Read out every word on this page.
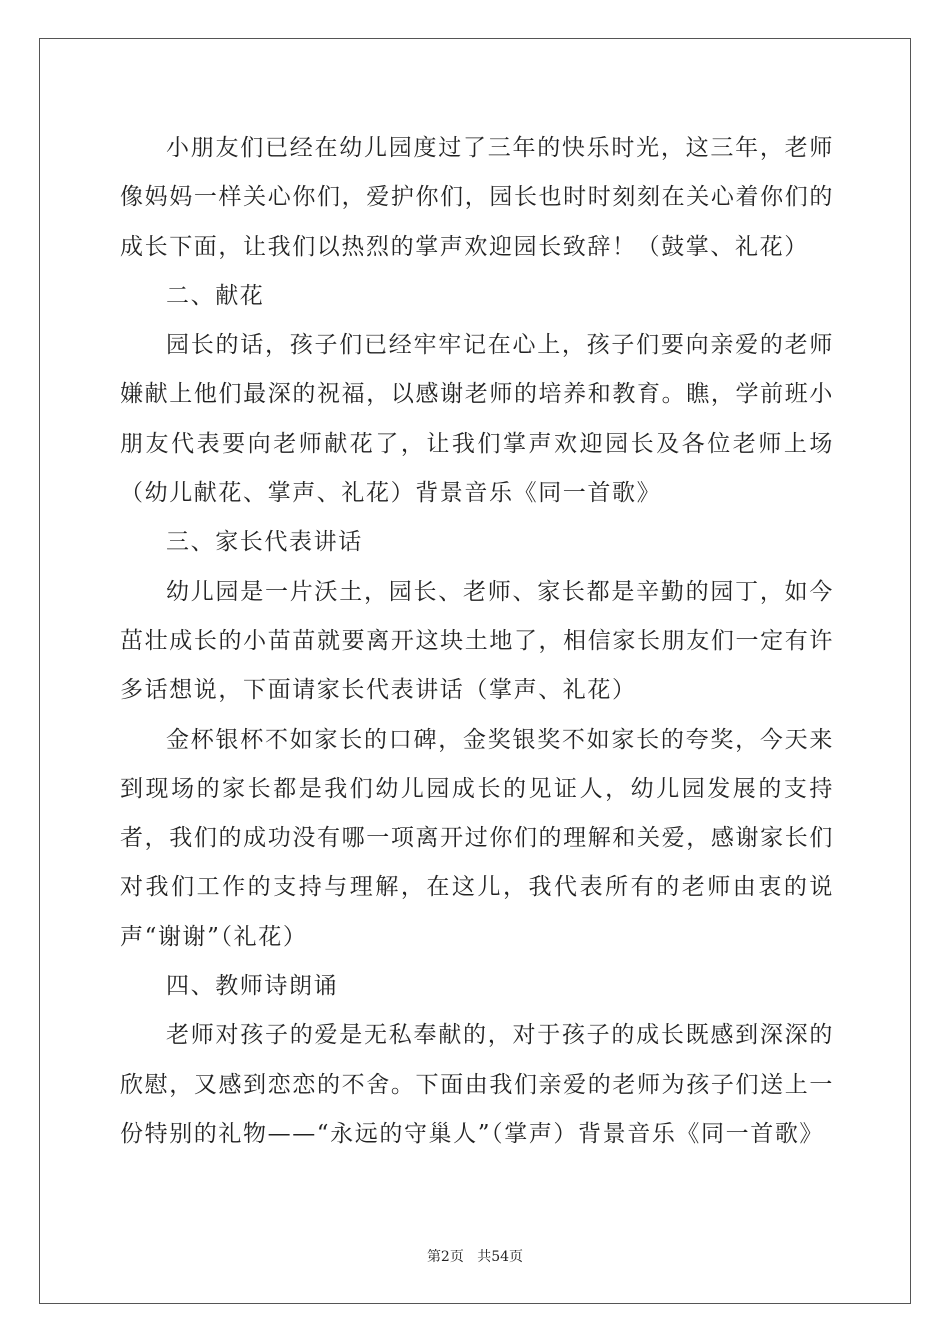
小朋友们已经在幼儿园度过了三年的快乐时光，这三年，老师像妈妈一样关心你们，爱护你们，园长也时时刻刻在关心着你们的成长下面，让我们以热烈的掌声欢迎园长致辞！（鼓掌、礼花）

二、献花

园长的话，孩子们已经牢牢记在心上，孩子们要向亲爱的老师嫌献上他们最深的祝福，以感谢老师的培养和教育。瞧，学前班小朋友代表要向老师献花了，让我们掌声欢迎园长及各位老师上场（幼儿献花、掌声、礼花）背景音乐《同一首歌》

三、家长代表讲话

幼儿园是一片沃土，园长、老师、家长都是辛勤的园丁，如今茁壮成长的小苗苗就要离开这块土地了，相信家长朋友们一定有许多话想说，下面请家长代表讲话（掌声、礼花）

金杯银杯不如家长的口碑，金奖银奖不如家长的夸奖，今天来到现场的家长都是我们幼儿园成长的见证人，幼儿园发展的支持者，我们的成功没有哪一项离开过你们的理解和关爱，感谢家长们对我们工作的支持与理解，在这儿，我代表所有的老师由衷的说声“谢谢”（礼花）

四、教师诗朗诵

老师对孩子的爱是无私奉献的，对于孩子的成长既感到深深的欣慰，又感到恋恋的不舍。下面由我们亲爱的老师为孩子们送上一份特别的礼物——“永远的守巢人”（掌声）背景音乐《同一首歌》

第2页 共54页
